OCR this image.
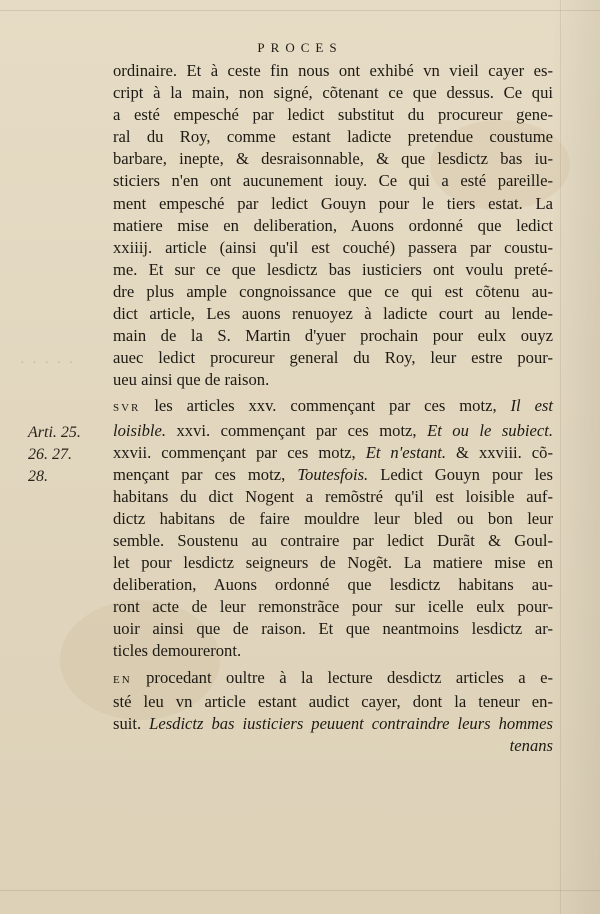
PROCES
· · · · ·
Arti. 25.
26. 27.
28.
ordinaire. Et à ceste fin nous ont exhibé vn vieil cayer es-
cript à la main, non signé, cõtenant ce que dessus. Ce qui
a esté empesché par ledict substitut du procureur gene-
ral du Roy, comme estant ladicte pretendue coustume
barbare, inepte, & desraisonnable, & que lesdictz bas iu-
sticiers n'en ont aucunement iouy. Ce qui a esté pareille-
ment empesché par ledict Gouyn pour le tiers estat. La
matiere mise en deliberation, Auons ordonné que ledict
xxiiij. article (ainsi qu'il est couché) passera par coustu-
me. Et sur ce que lesdictz bas iusticiers ont voulu preté-
dre plus ample congnoissance que ce qui est cõtenu au-
dict article, Les auons renuoyez à ladicte court au lende-
main de la S. Martin d'yuer prochain pour eulx ouyz
auec ledict procureur general du Roy, leur estre pour-
ueu ainsi que de raison.
SVR les articles xxv. commençant par ces motz, Il est
loisible. xxvi. commençant par ces motz, Et ou le subiect.
xxvii. commençant par ces motz, Et n'estant. & xxviii. cõ-
mençant par ces motz, Toutesfois. Ledict Gouyn pour les
habitans du dict Nogent a remõstré qu'il est loisible auf-
dictz habitans de faire mouldre leur bled ou bon leur
semble. Soustenu au contraire par ledict Durãt & Goul-
let pour lesdictz seigneurs de Nogẽt. La matiere mise en
deliberation, Auons ordonné que lesdictz habitans au-
ront acte de leur remonstrãce pour sur icelle eulx pour-
uoir ainsi que de raison. Et que neantmoins lesdictz ar-
ticles demoureront.
EN procedant oultre à la lecture desdictz articles a e-
sté leu vn article estant audict cayer, dont la teneur en-
suit. Lesdictz bas iusticiers peuuent contraindre leurs hommes
tenans
